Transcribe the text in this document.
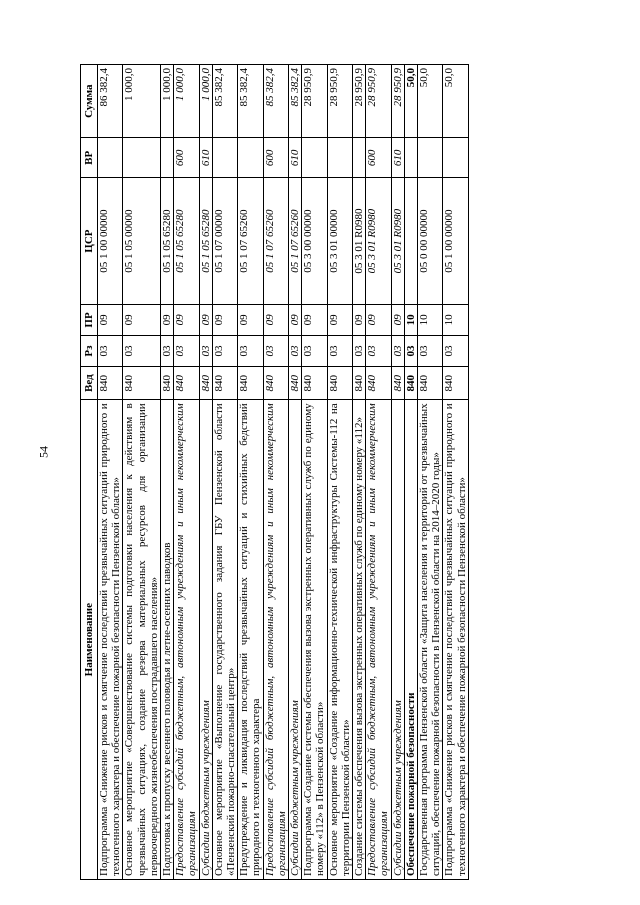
54
Наименование	Вед	Рз	ПР	ЦСР	ВР	Сумма
Подпрограмма «Снижение рисков и смягчение последствий чрезвычайных ситуаций природного и техногенного характера и обеспечение пожарной безопасности Пензенской области»	840	03	09	05 1 00 00000		86 382,4
Основное мероприятие «Совершенствование системы подготовки населения к действиям в чрезвычайных ситуациях, создание резерва материальных ресурсов для организации первоочередного жизнеобеспечения пострадавшего населения»	840	03	09	05 1 05 00000		1 000,0
Подготовка к пропуску весеннего половодья и летне-осенних паводков	840	03	09	05 1 05 65280		1 000,0
Предоставление субсидий бюджетным, автономным учреждениям и иным некоммерческим организациям	840	03	09	05 1 05 65280	600	1 000,0
Субсидии бюджетным учреждениям	840	03	09	05 1 05 65280	610	1 000,0
Основное мероприятие «Выполнение государственного задания ГБУ Пензенской области «Пензенский пожарно-спасательный центр»	840	03	09	05 1 07 00000		85 382,4
Предупреждение и ликвидация последствий чрезвычайных ситуаций и стихийных бедствий природного и техногенного характера	840	03	09	05 1 07 65260		85 382,4
Предоставление субсидий бюджетным, автономным учреждениям и иным некоммерческим организациям	840	03	09	05 1 07 65260	600	85 382,4
Субсидии бюджетным учреждениям	840	03	09	05 1 07 65260	610	85 382,4
Подпрограмма «Создание системы обеспечения вызова экстренных оперативных служб по единому номеру «112» в Пензенской области»	840	03	09	05 3 00 00000		28 950,9
Основное мероприятие «Создание информационно-технической инфраструктуры Системы-112 на территории Пензенской области»	840	03	09	05 3 01 00000		28 950,9
Создание системы обеспечения вызова экстренных оперативных служб по единому номеру «112»	840	03	09	05 3 01 R0980		28 950,9
Предоставление субсидий бюджетным, автономным учреждениям и иным некоммерческим организациям	840	03	09	05 3 01 R0980	600	28 950,9
Субсидии бюджетным учреждениям	840	03	09	05 3 01 R0980	610	28 950,9
Обеспечение пожарной безопасности	840	03	10			50,0
Государственная программа Пензенской области «Защита населения и территорий от чрезвычайных ситуаций, обеспечение пожарной безопасности в Пензенской области на 2014–2020 годы»	840	03	10	05 0 00 00000		50,0
Подпрограмма «Снижение рисков и смягчение последствий чрезвычайных ситуаций природного и техногенного характера и обеспечение пожарной безопасности Пензенской области»	840	03	10	05 1 00 00000		50,0
